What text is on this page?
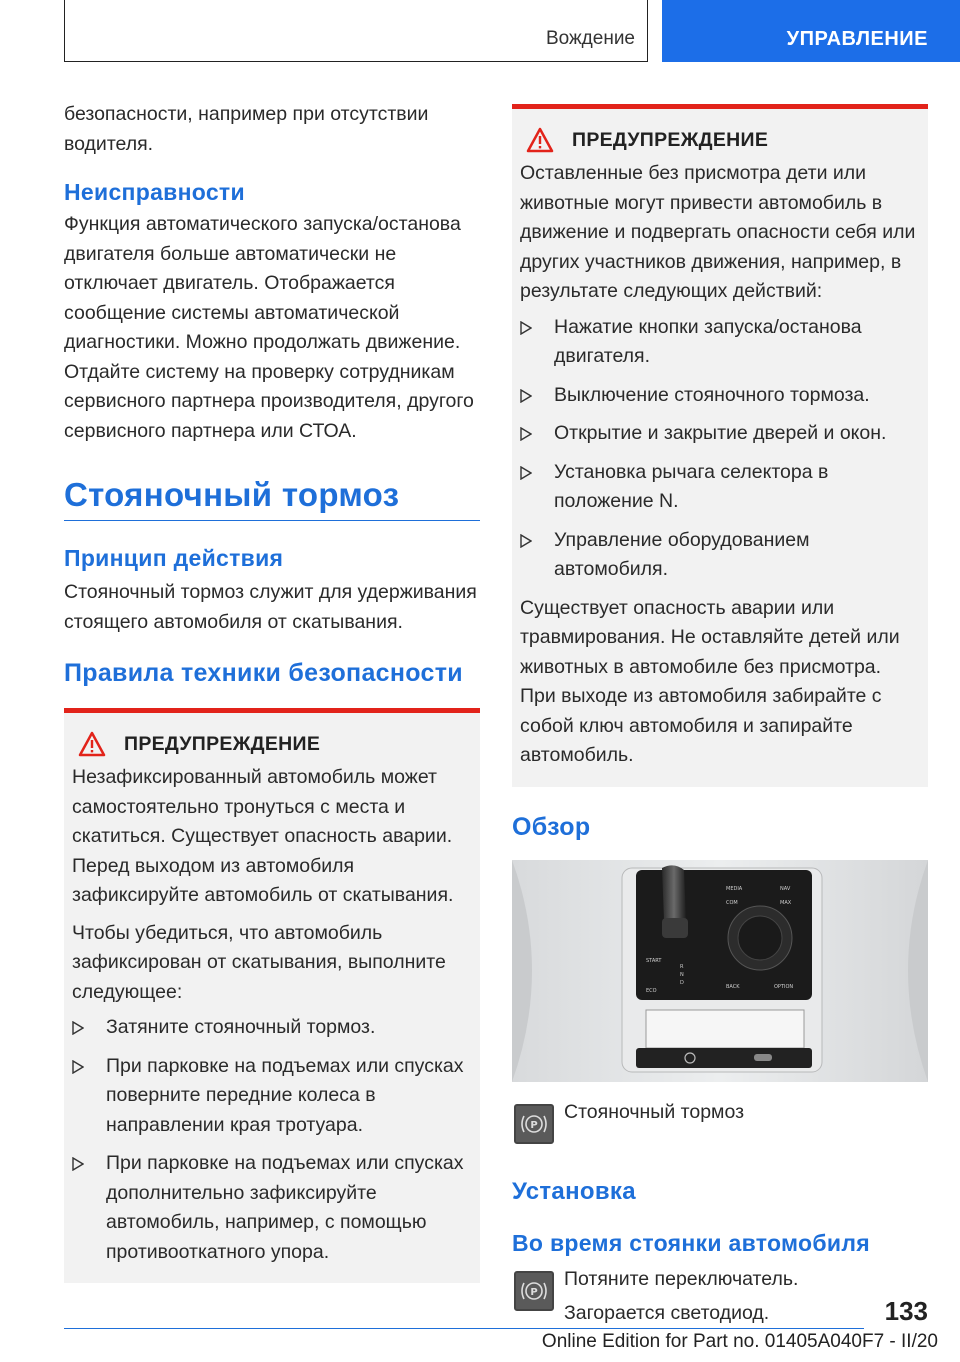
Вождение	УПРАВЛЕНИЕ

безопасности, например при отсутствии водителя.

Неисправности

Функция автоматического запуска/останова двигателя больше автоматически не отключает двигатель. Отображается сообщение системы автоматической диагностики. Можно продолжать движение. Отдайте систему на проверку сотрудникам сервисного партнера производителя, другого сервисного партнера или СТОА.

Стояночный тормоз
Принцип действия

Стояночный тормоз служит для удерживания стоящего автомобиля от скатывания.

Правила техники безопасности
ПРЕДУПРЕЖДЕНИЕ

Незафиксированный автомобиль может самостоятельно тронуться с места и скатиться. Существует опасность аварии. Перед выходом из автомобиля зафиксируйте автомобиль от скатывания.

Чтобы убедиться, что автомобиль зафиксирован от скатывания, выполните следующее:

Затяните стояночный тормоз.
При парковке на подъемах или спусках поверните передние колеса в направлении края тротуара.
При парковке на подъемах или спусках дополнительно зафиксируйте автомобиль, например, с помощью противооткатного упора.
ПРЕДУПРЕЖДЕНИЕ

Оставленные без присмотра дети или животные могут привести автомобиль в движение и подвергать опасности себя или других участников движения, например, в результате следующих действий:

Нажатие кнопки запуска/останова двигателя.
Выключение стояночного тормоза.
Открытие и закрытие дверей и окон.
Установка рычага селектора в положение N.
Управление оборудованием автомобиля.

Существует опасность аварии или травмирования. Не оставляйте детей или животных в автомобиле без присмотра. При выходе из автомобиля забирайте с собой ключ автомобиля и запирайте автомобиль.

Обзор
START
ECO
MEDIA	NAV
COM	MAX
BACK	OPTION
R
N
D
P

Стояночный тормоз

Установка
Во время стоянки автомобиля
P

Потяните переключатель.

Загорается светодиод.	133
Online Edition for Part no. 01405A040F7 - II/20
